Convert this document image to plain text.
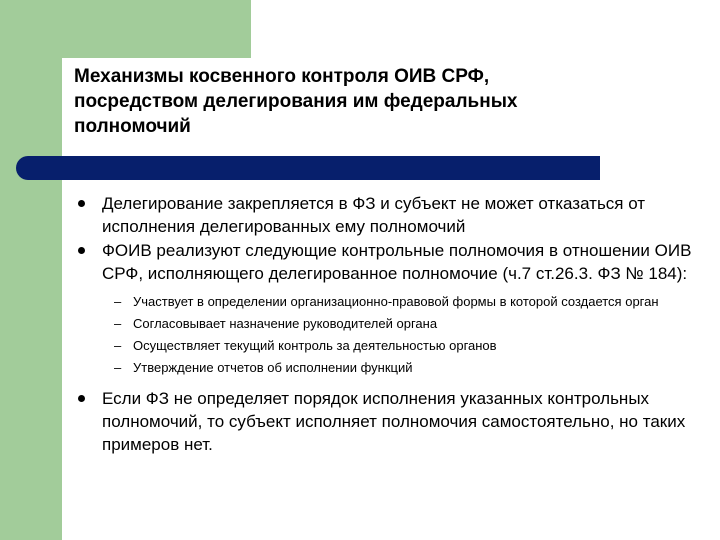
Механизмы косвенного контроля ОИВ СРФ,
посредством делегирования им федеральных
полномочий
Делегирование закрепляется в ФЗ и субъект не может отказаться от исполнения делегированных ему полномочий
ФОИВ реализуют следующие контрольные полномочия в отношении ОИВ СРФ, исполняющего делегированное полномочие (ч.7 ст.26.3. ФЗ № 184):
– Участвует в определении организационно-правовой формы в которой создается орган
– Согласовывает назначение руководителей органа
– Осуществляет текущий контроль за деятельностью органов
– Утверждение отчетов об исполнении функций
Если ФЗ не определяет порядок исполнения указанных контрольных полномочий, то субъект исполняет полномочия самостоятельно, но таких примеров нет.
